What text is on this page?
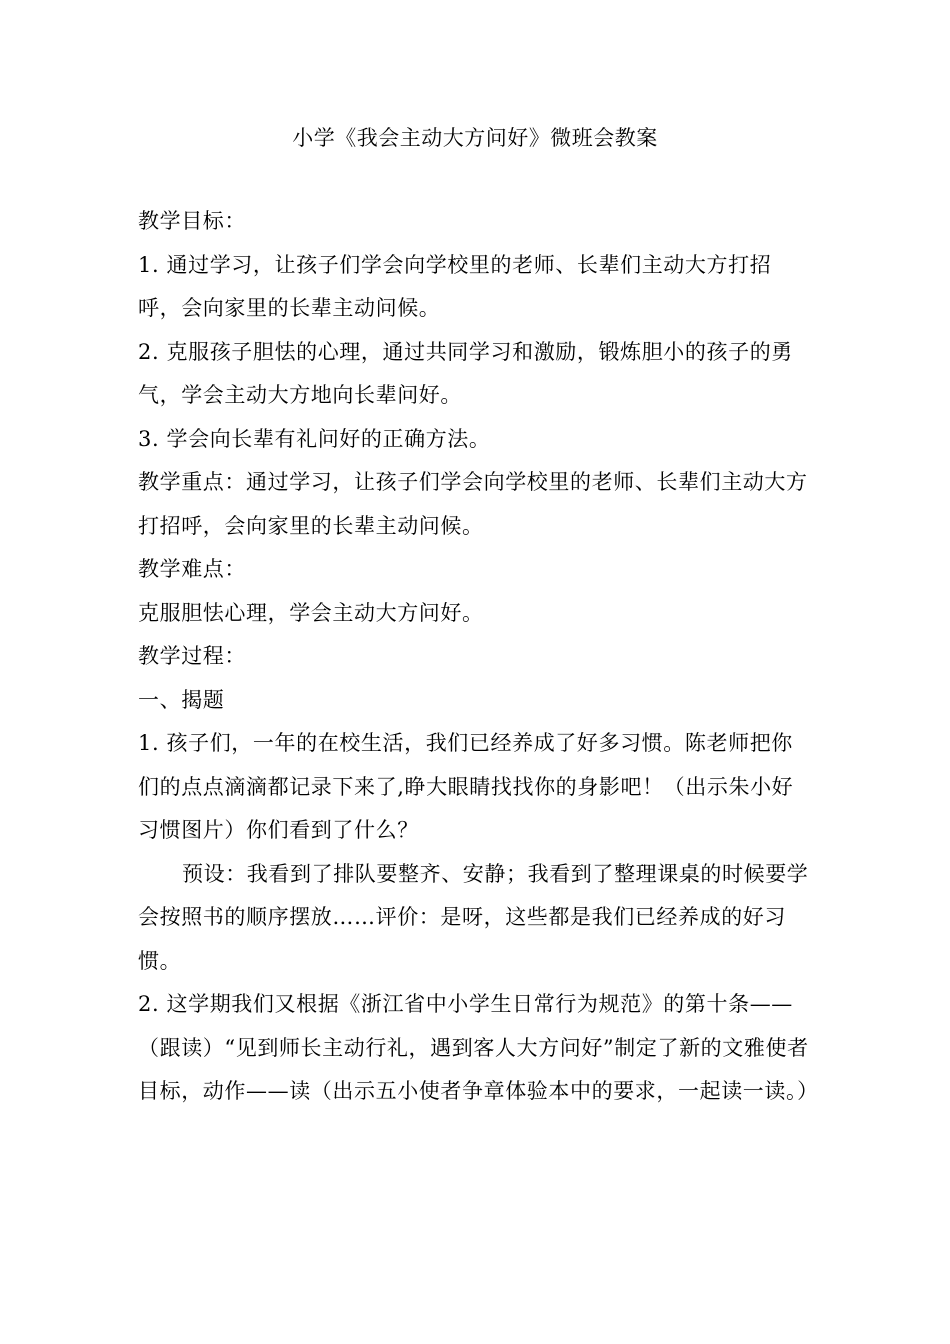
小学《我会主动大方问好》微班会教案

教学目标：

1. 通过学习，让孩子们学会向学校里的老师、长辈们主动大方打招呼，会向家里的长辈主动问候。

2. 克服孩子胆怯的心理，通过共同学习和激励，锻炼胆小的孩子的勇气，学会主动大方地向长辈问好。

3. 学会向长辈有礼问好的正确方法。

教学重点：通过学习，让孩子们学会向学校里的老师、长辈们主动大方打招呼，会向家里的长辈主动问候。

教学难点：

克服胆怯心理，学会主动大方问好。

教学过程：

一、揭题

1. 孩子们，一年的在校生活，我们已经养成了好多习惯。陈老师把你们的点点滴滴都记录下来了,睁大眼睛找找你的身影吧！（出示朱小好习惯图片）你们看到了什么？

预设：我看到了排队要整齐、安静；我看到了整理课桌的时候要学会按照书的顺序摆放……评价：是呀，这些都是我们已经养成的好习惯。

2. 这学期我们又根据《浙江省中小学生日常行为规范》的第十条——（跟读）“见到师长主动行礼，遇到客人大方问好”制定了新的文雅使者目标，动作——读（出示五小使者争章体验本中的要求，一起读一读。）
